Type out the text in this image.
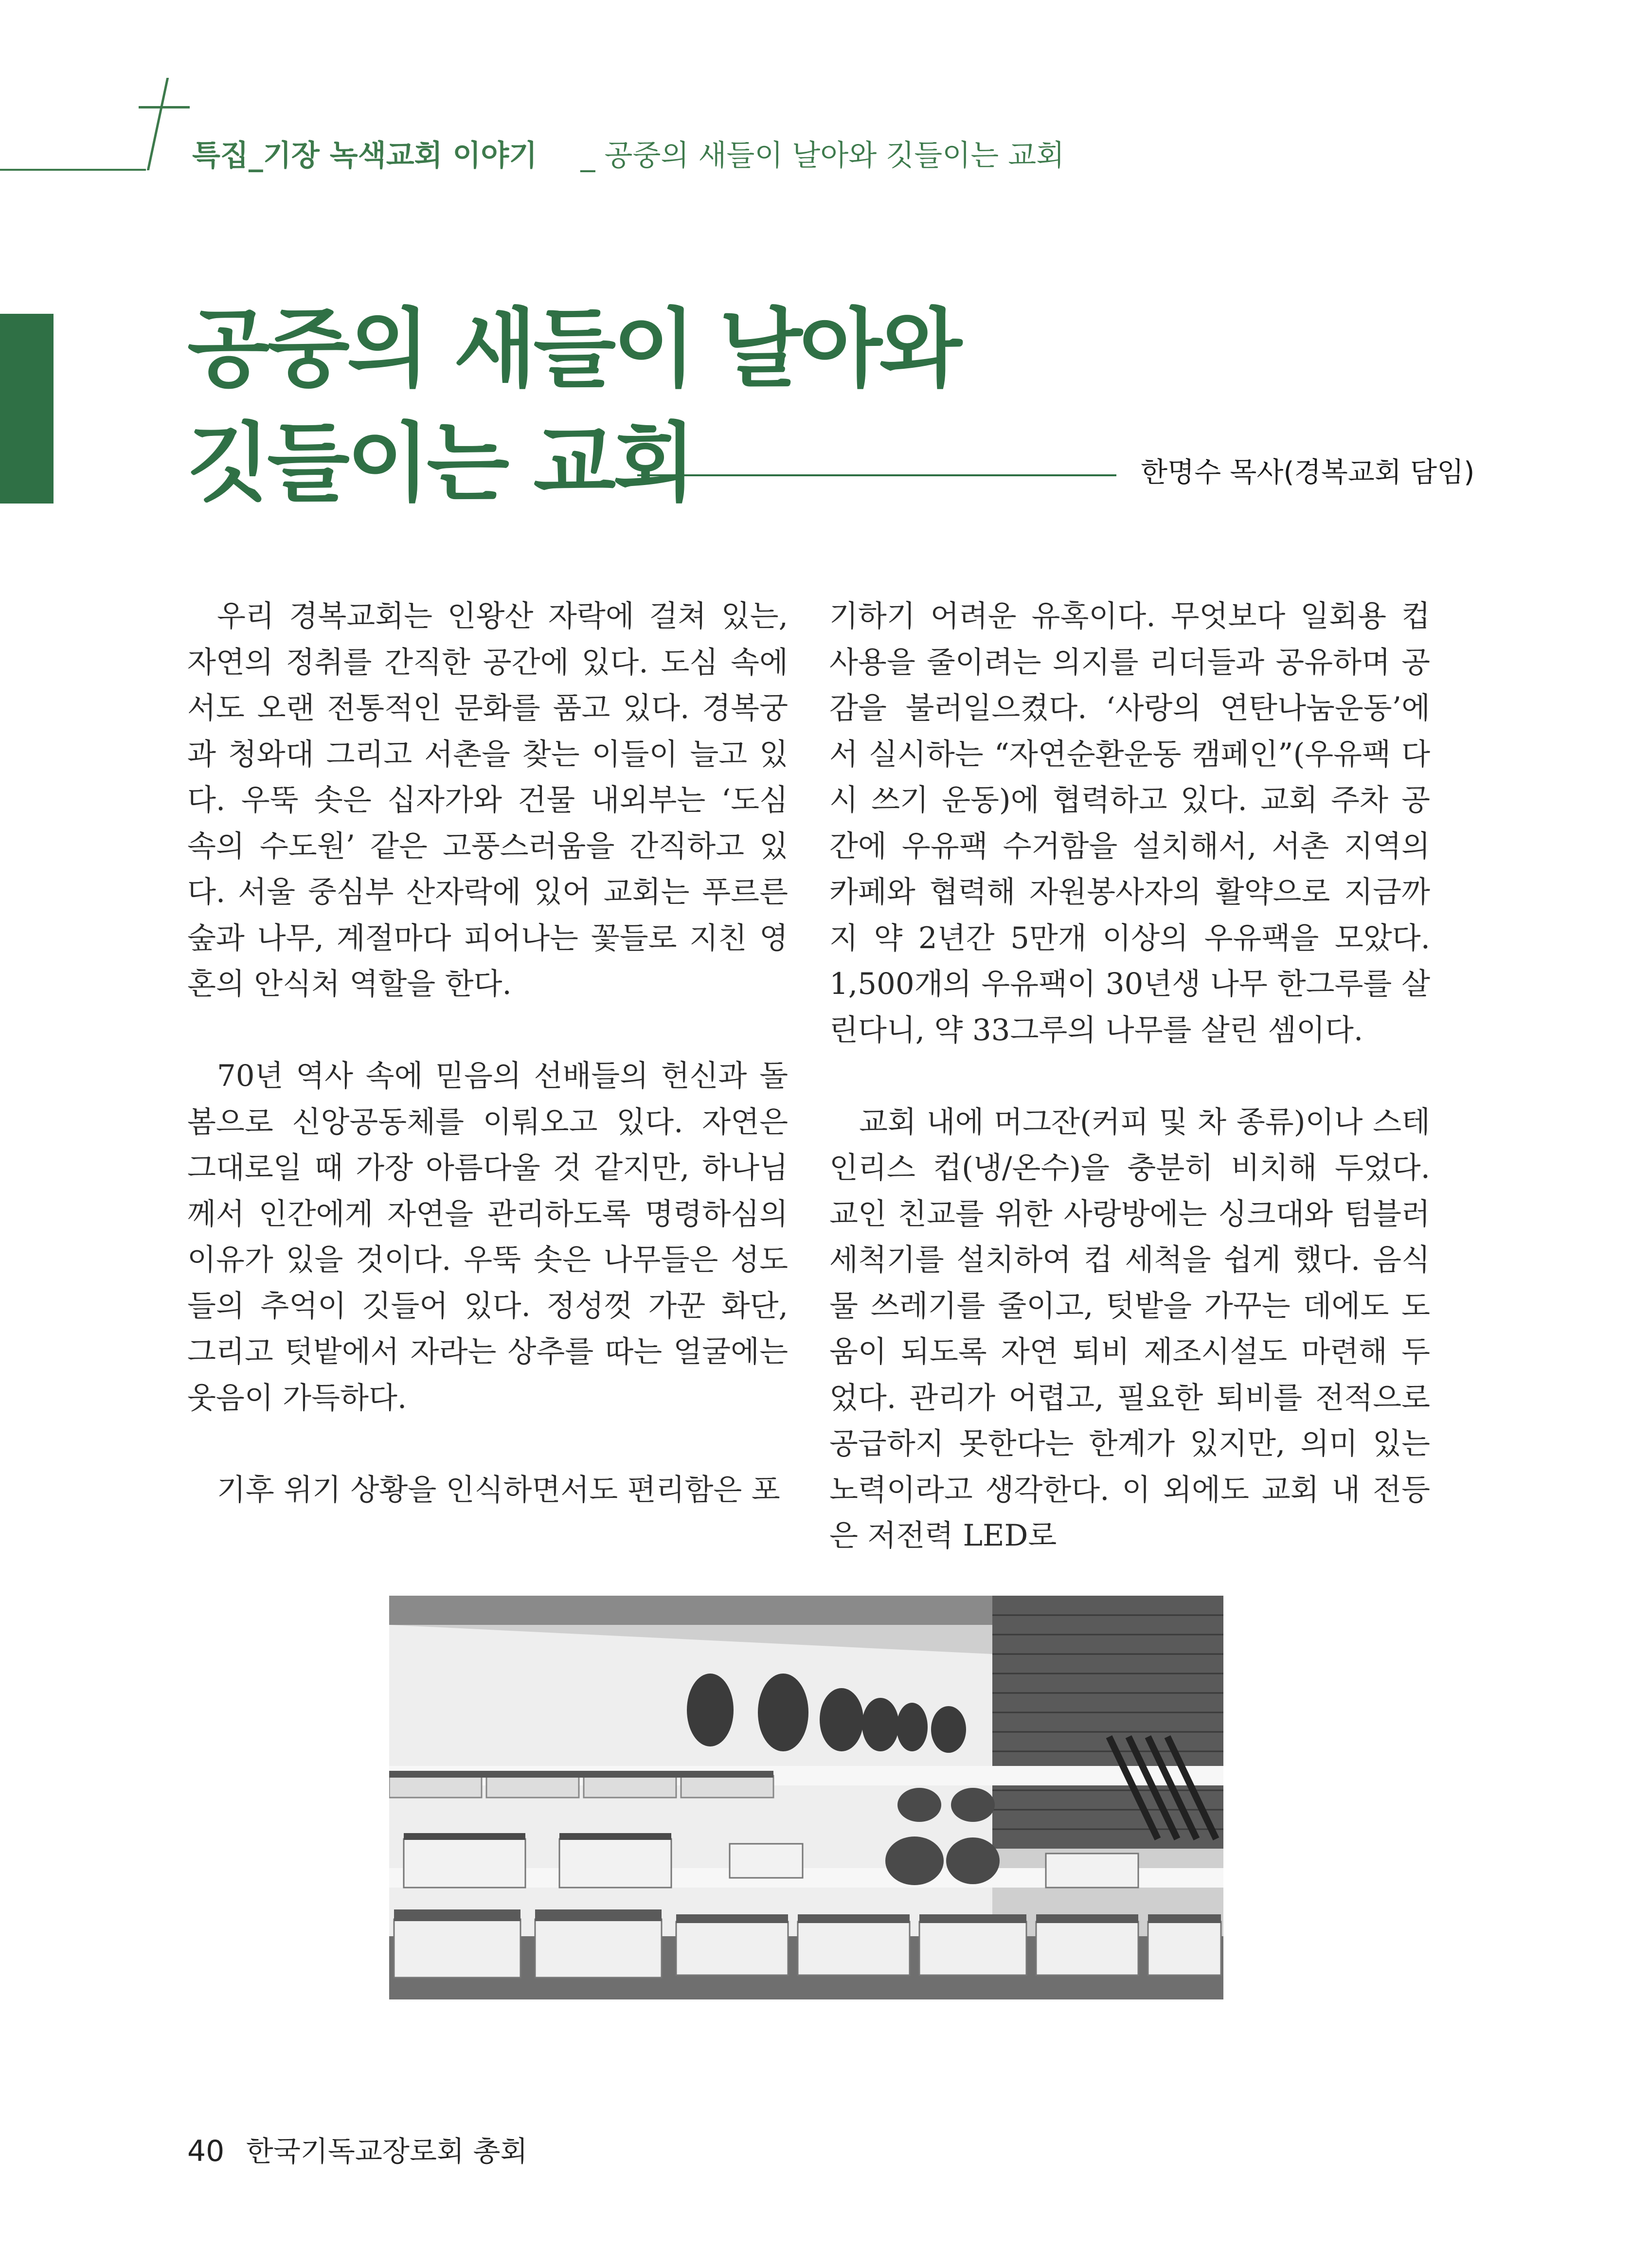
특집_기장 녹색교회 이야기 _ 공중의 새들이 날아와 깃들이는 교회
공중의 새들이 날아와
깃들이는 교회	한명수 목사(경복교회 담임)

우리 경복교회는 인왕산 자락에 걸쳐 있는, 자연의 정취를 간직한 공간에 있다. 도심 속에서도 오랜 전통적인 문화를 품고 있다. 경복궁과 청와대 그리고 서촌을 찾는 이들이 늘고 있다. 우뚝 솟은 십자가와 건물 내외부는 ‘도심 속의 수도원’ 같은 고풍스러움을 간직하고 있다. 서울 중심부 산자락에 있어 교회는 푸르른 숲과 나무, 계절마다 피어나는 꽃들로 지친 영혼의 안식처 역할을 한다.

70년 역사 속에 믿음의 선배들의 헌신과 돌봄으로 신앙공동체를 이뤄오고 있다. 자연은 그대로일 때 가장 아름다울 것 같지만, 하나님께서 인간에게 자연을 관리하도록 명령하심의 이유가 있을 것이다. 우뚝 솟은 나무들은 성도들의 추억이 깃들어 있다. 정성껏 가꾼 화단, 그리고 텃밭에서 자라는 상추를 따는 얼굴에는 웃음이 가득하다.

기후 위기 상황을 인식하면서도 편리함은 포

기하기 어려운 유혹이다. 무엇보다 일회용 컵 사용을 줄이려는 의지를 리더들과 공유하며 공감을 불러일으켰다. ‘사랑의 연탄나눔운동’에서 실시하는 “자연순환운동 캠페인”(우유팩 다시 쓰기 운동)에 협력하고 있다. 교회 주차 공간에 우유팩 수거함을 설치해서, 서촌 지역의 카페와 협력해 자원봉사자의 활약으로 지금까지 약 2년간 5만개 이상의 우유팩을 모았다. 1,500개의 우유팩이 30년생 나무 한그루를 살린다니, 약 33그루의 나무를 살린 셈이다.

교회 내에 머그잔(커피 및 차 종류)이나 스테인리스 컵(냉/온수)을 충분히 비치해 두었다. 교인 친교를 위한 사랑방에는 싱크대와 텀블러 세척기를 설치하여 컵 세척을 쉽게 했다. 음식물 쓰레기를 줄이고, 텃밭을 가꾸는 데에도 도움이 되도록 자연 퇴비 제조시설도 마련해 두었다. 관리가 어렵고, 필요한 퇴비를 전적으로 공급하지 못한다는 한계가 있지만, 의미 있는 노력이라고 생각한다. 이 외에도 교회 내 전등은 저전력 LED로

40 한국기독교장로회 총회
